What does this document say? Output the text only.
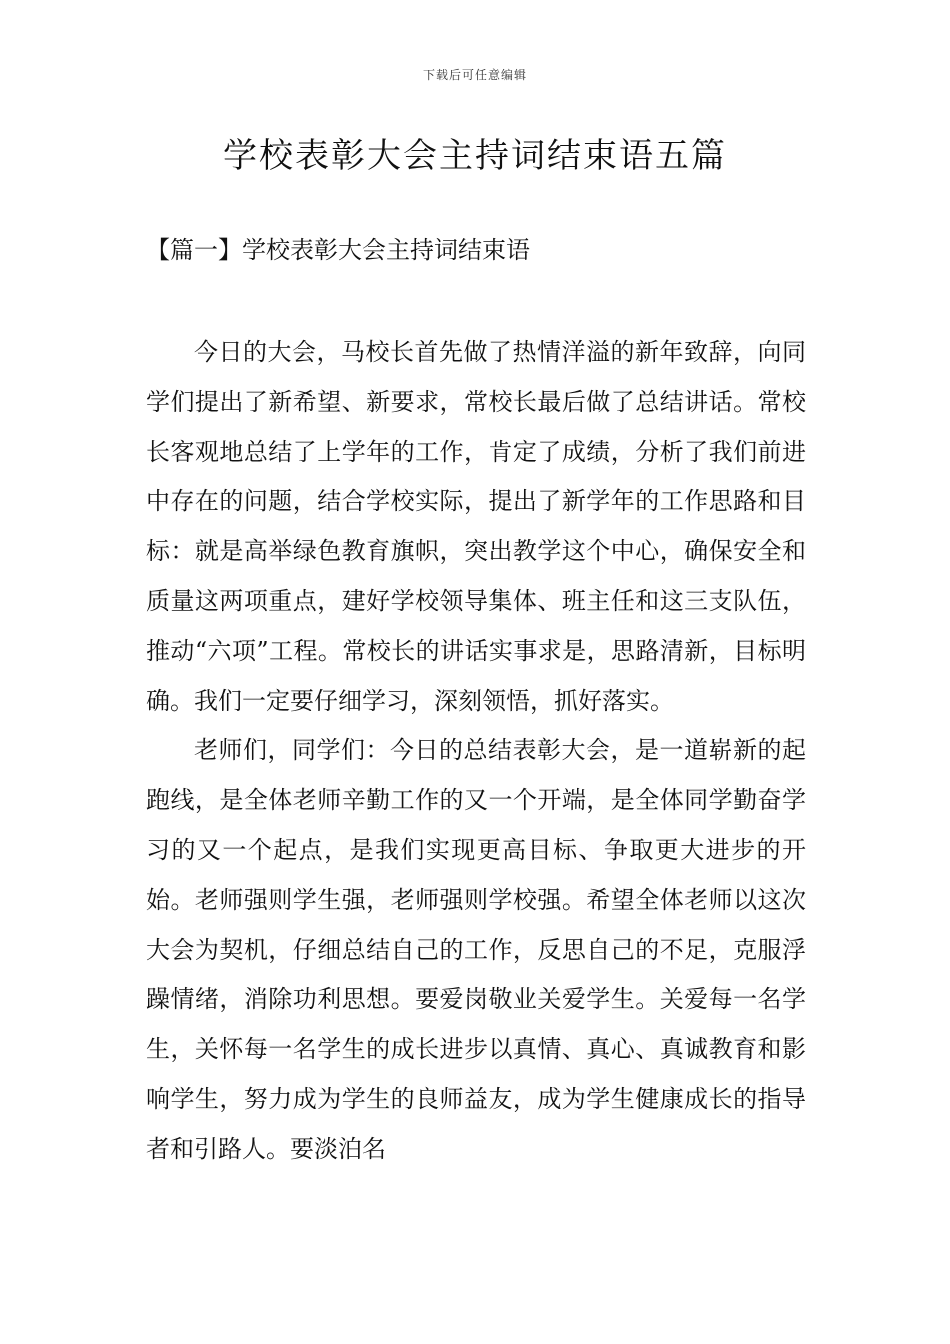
下载后可任意编辑
学校表彰大会主持词结束语五篇
【篇一】学校表彰大会主持词结束语

今日的大会，马校长首先做了热情洋溢的新年致辞，向同学们提出了新希望、新要求，常校长最后做了总结讲话。常校长客观地总结了上学年的工作，肯定了成绩，分析了我们前进中存在的问题，结合学校实际，提出了新学年的工作思路和目标：就是高举绿色教育旗帜，突出教学这个中心，确保安全和质量这两项重点，建好学校领导集体、班主任和这三支队伍，推动“六项”工程。常校长的讲话实事求是，思路清新，目标明确。我们一定要仔细学习，深刻领悟，抓好落实。

老师们，同学们：今日的总结表彰大会，是一道崭新的起跑线，是全体老师辛勤工作的又一个开端，是全体同学勤奋学习的又一个起点，是我们实现更高目标、争取更大进步的开始。老师强则学生强，老师强则学校强。希望全体老师以这次大会为契机，仔细总结自己的工作，反思自己的不足，克服浮躁情绪，消除功利思想。要爱岗敬业关爱学生。关爱每一名学生，关怀每一名学生的成长进步以真情、真心、真诚教育和影响学生，努力成为学生的良师益友，成为学生健康成长的指导者和引路人。要淡泊名
